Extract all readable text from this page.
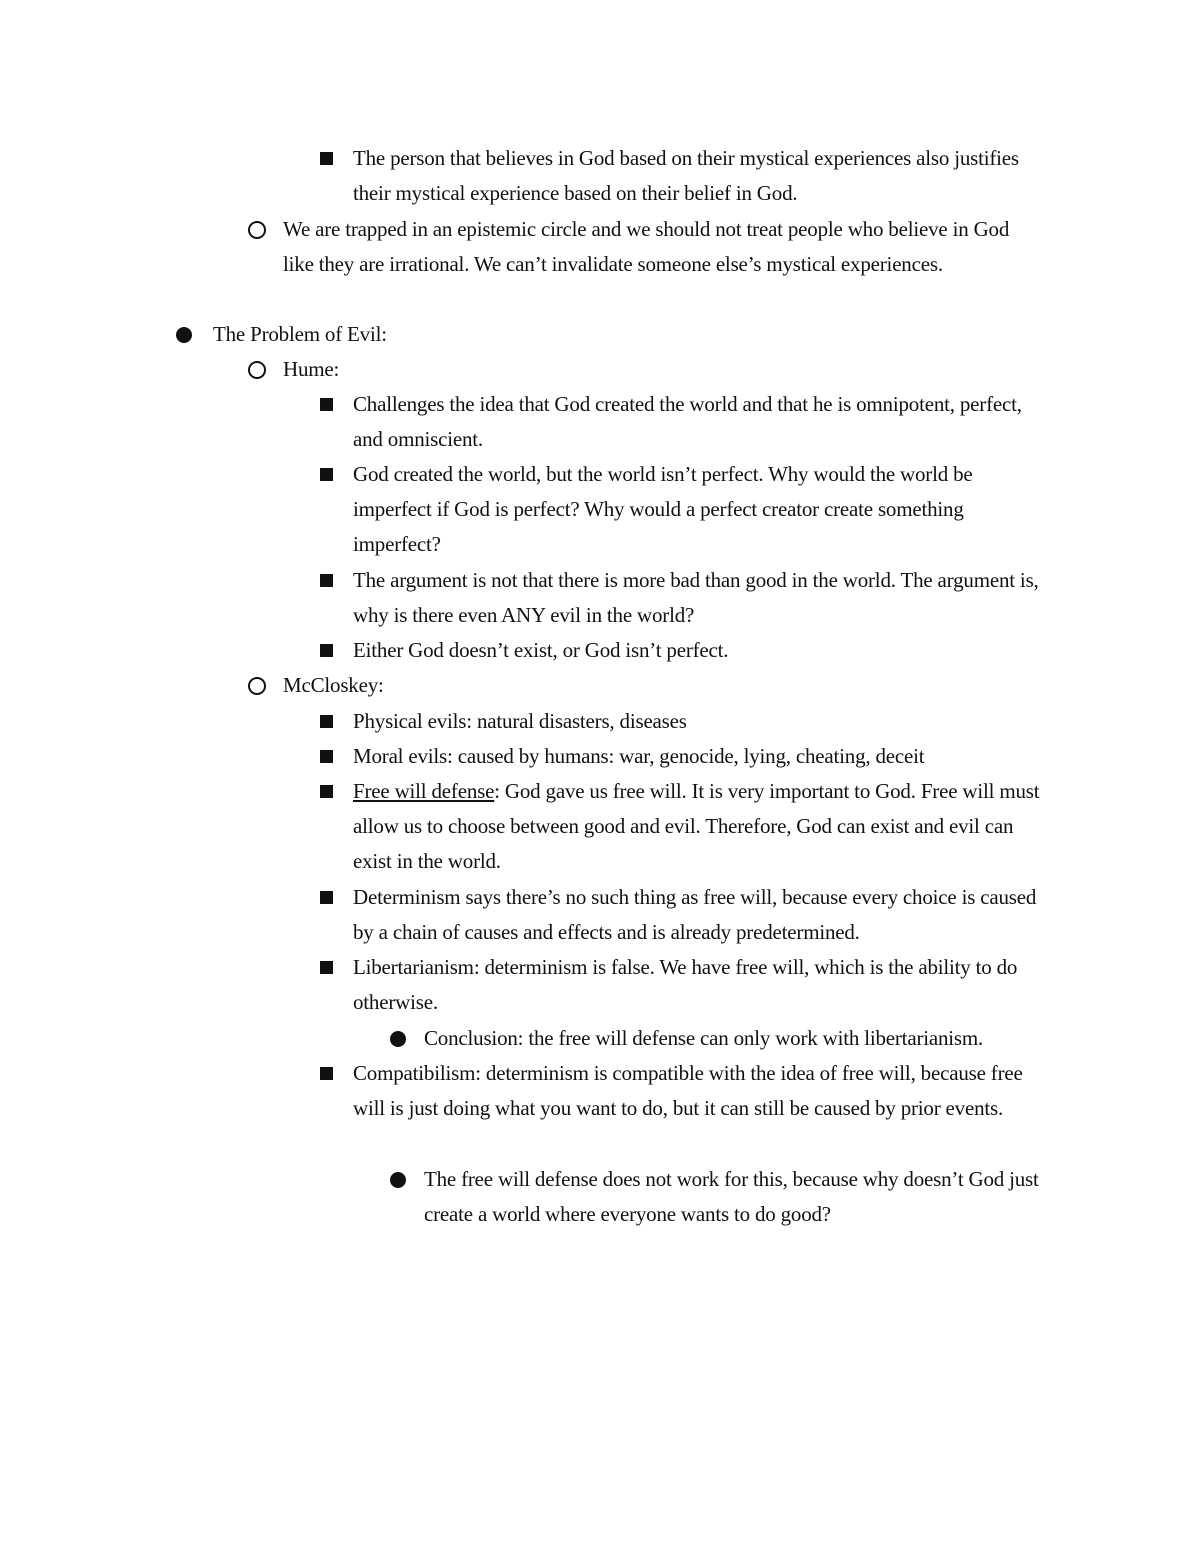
The person that believes in God based on their mystical experiences also justifies their mystical experience based on their belief in God.
We are trapped in an epistemic circle and we should not treat people who believe in God like they are irrational. We can’t invalidate someone else’s mystical experiences.
The Problem of Evil:
Hume:
Challenges the idea that God created the world and that he is omnipotent, perfect, and omniscient.
God created the world, but the world isn’t perfect. Why would the world be imperfect if God is perfect? Why would a perfect creator create something imperfect?
The argument is not that there is more bad than good in the world. The argument is, why is there even ANY evil in the world?
Either God doesn’t exist, or God isn’t perfect.
McCloskey:
Physical evils: natural disasters, diseases
Moral evils: caused by humans: war, genocide, lying, cheating, deceit
Free will defense: God gave us free will. It is very important to God. Free will must allow us to choose between good and evil. Therefore, God can exist and evil can exist in the world.
Determinism says there’s no such thing as free will, because every choice is caused by a chain of causes and effects and is already predetermined.
Libertarianism: determinism is false. We have free will, which is the ability to do otherwise.
Conclusion: the free will defense can only work with libertarianism.
Compatibilism: determinism is compatible with the idea of free will, because free will is just doing what you want to do, but it can still be caused by prior events.
The free will defense does not work for this, because why doesn’t God just create a world where everyone wants to do good?
